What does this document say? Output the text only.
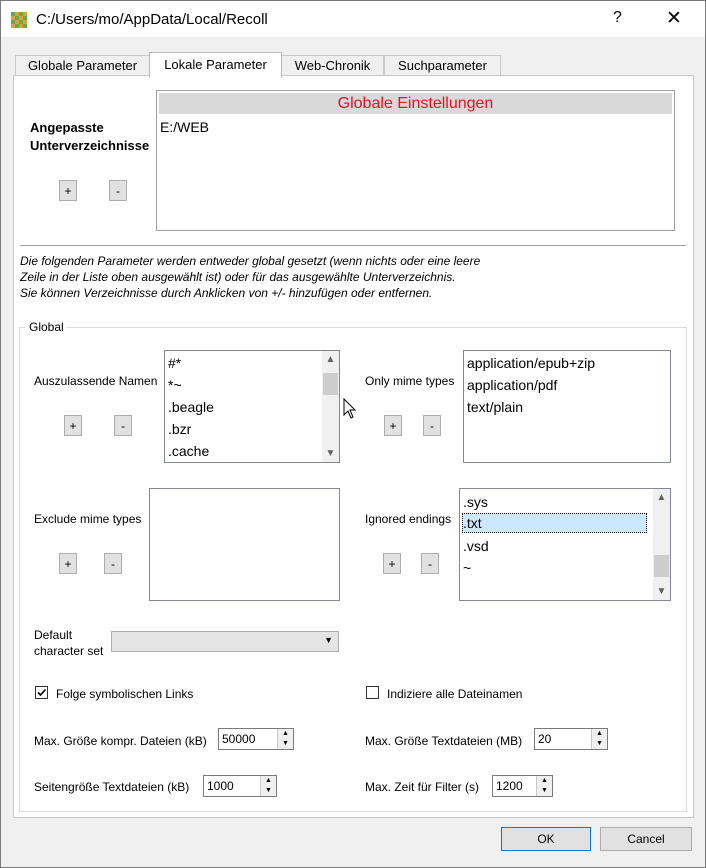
C:/Users/mo/AppData/Local/Recoll	? ✕
Globale Parameter	Lokale Parameter	Web-Chronik	Suchparameter
Angepasste Unterverzeichnisse
+	-
Globale Einstellungen
E:/WEB
Die folgenden Parameter werden entweder global gesetzt (wenn nichts oder eine leere
Zeile in der Liste oben ausgewählt ist) oder für das ausgewählte Unterverzeichnis.
Sie können Verzeichnisse durch Anklicken von +/- hinzufügen oder entfernen.
Global
Auszulassende Namen
+	-
#*
*~
.beagle
.bzr
.cache
▲
▼
Only mime types
+	-
application/epub+zip
application/pdf
text/plain
Exclude mime types
+	-
Ignored endings
+	-
.sys
.txt
.vsd
~
▲
▼
Default
character set
▼
Folge symbolischen Links	Indiziere alle Dateinamen
Max. Größe kompr. Dateien (kB) 50000	▲
▼	Max. Größe Textdateien (MB) 20	▲
▼
Seitengröße Textdateien (kB) 1000	▲
▼	Max. Zeit für Filter (s) 1200	▲
▼
OK	Cancel
